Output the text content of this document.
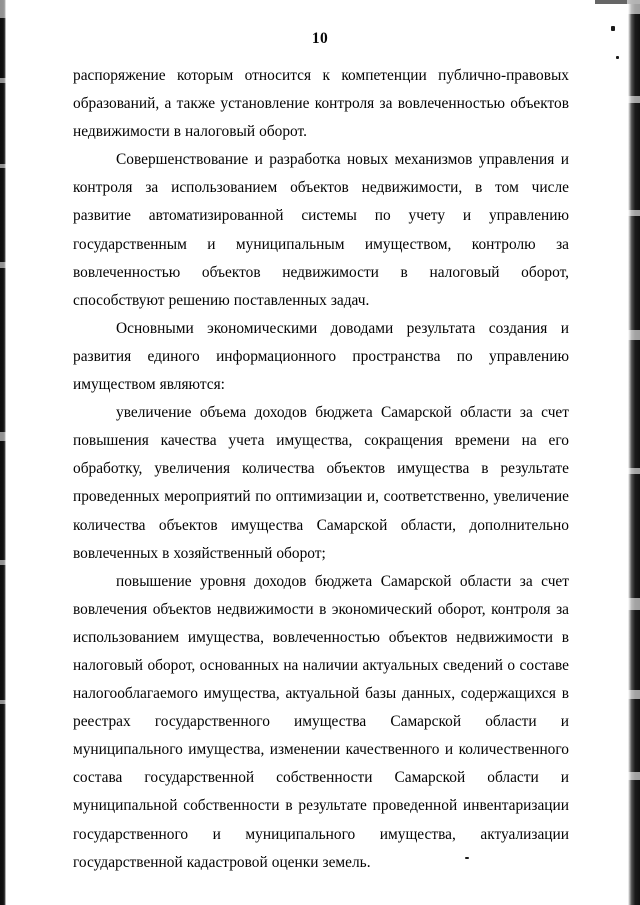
10

распоряжение которым относится к компетенции публично-правовых образований, а также установление контроля за вовлеченностью объектов недвижимости в налоговый оборот.

Совершенствование и разработка новых механизмов управления и контроля за использованием объектов недвижимости, в том числе развитие автоматизированной системы по учету и управлению государственным и муниципальным имуществом, контролю за вовлеченностью объектов недвижимости в налоговый оборот, способствуют решению поставленных задач.

Основными экономическими доводами результата создания и развития единого информационного пространства по управлению имуществом являются:

увеличение объема доходов бюджета Самарской области за счет повышения качества учета имущества, сокращения времени на его обработку, увеличения количества объектов имущества в результате проведенных мероприятий по оптимизации и, соответственно, увеличение количества объектов имущества Самарской области, дополнительно вовлеченных в хозяйственный оборот;

повышение уровня доходов бюджета Самарской области за счет вовлечения объектов недвижимости в экономический оборот, контроля за использованием имущества, вовлеченностью объектов недвижимости в налоговый оборот, основанных на наличии актуальных сведений о составе налогооблагаемого имущества, актуальной базы данных, содержащихся в реестрах государственного имущества Самарской области и муниципального имущества, изменении качественного и количественного состава государственной собственности Самарской области и муниципальной собственности в результате проведенной инвентаризации государственного и муниципального имущества, актуализации государственной кадастровой оценки земель.
